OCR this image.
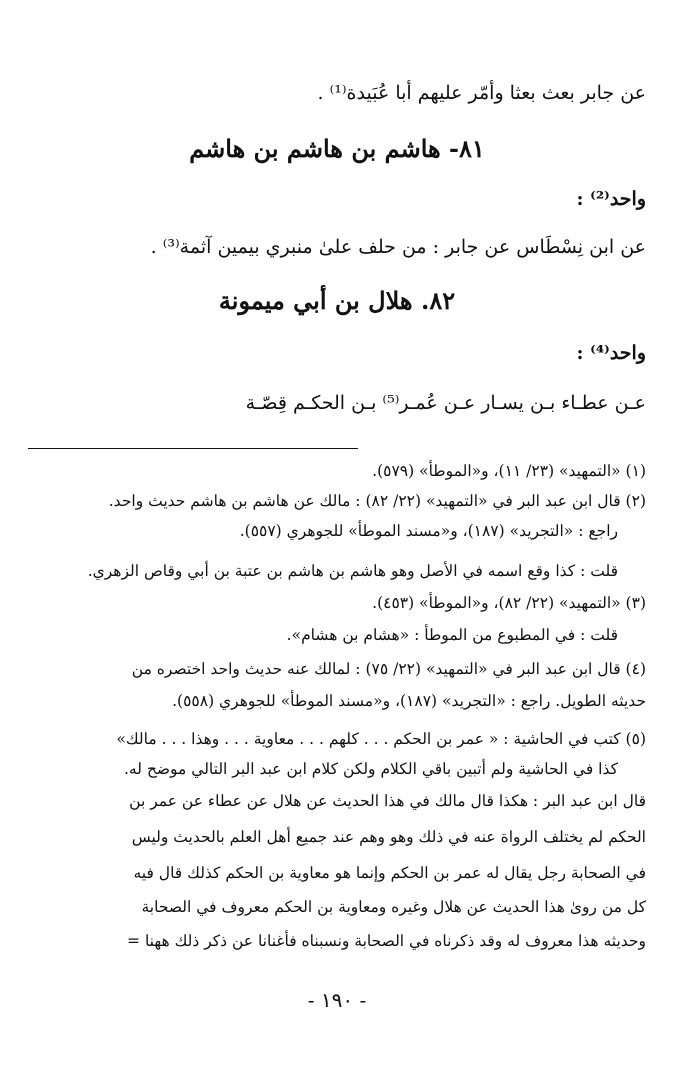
عن جابر بعث بعثا وأمّر عليهم أبا عُبَيدة⁽¹⁾ .
٨١- هاشم بن هاشم بن هاشم
واحد⁽²⁾ :
عن ابن نِسْطَاس عن جابر : من حلف علىٰ منبري بيمين آثمة⁽³⁾ .
٨٢. هلال بن أبي ميمونة
واحد⁽⁴⁾ :
عـن عطـاء بـن يسـار عـن عُمـر⁽⁵⁾ بـن الحكـم قِصّـة
(١) «التمهيد» (٢٣/ ١١)، و«الموطأ» (٥٧٩).
(٢) قال ابن عبد البر في «التمهيد» (٢٢/ ٨٢) : مالك عن هاشم بن هاشم حديث واحد.
راجع : «التجريد» (١٨٧)، و«مسند الموطأ» للجوهري (٥٥٧).
قلت : كذا وقع اسمه في الأصل وهو هاشم بن هاشم بن عتبة بن أبي وقاص الزهري.
(٣) «التمهيد» (٢٢/ ٨٢)، و«الموطأ» (٤٥٣).
قلت : في المطبوع من الموطأ : «هشام بن هشام».
(٤) قال ابن عبد البر في «التمهيد» (٢٢/ ٧٥) : لمالك عنه حديث واحد اختصره من
حديثه الطويل. راجع : «التجريد» (١٨٧)، و«مسند الموطأ» للجوهري (٥٥٨).
(٥) كتب في الحاشية : « عمر بن الحكم . . . كلهم . . . معاوية . . . وهذا . . . مالك»
كذا في الحاشية ولم أتبين باقي الكلام ولكن كلام ابن عبد البر التالي موضح له.
قال ابن عبد البر : هكذا قال مالك في هذا الحديث عن هلال عن عطاء عن عمر بن
الحكم لم يختلف الرواة عنه في ذلك وهو وهم عند جميع أهل العلم بالحديث وليس
في الصحابة رجل يقال له عمر بن الحكم وإنما هو معاوية بن الحكم كذلك قال فيه
كل من روىٰ هذا الحديث عن هلال وغيره ومعاوية بن الحكم معروف في الصحابة
وحديثه هذا معروف له وقد ذكرناه في الصحابة ونسبناه فأغنانا عن ذكر ذلك ههنا =
- ١٩٠ -
